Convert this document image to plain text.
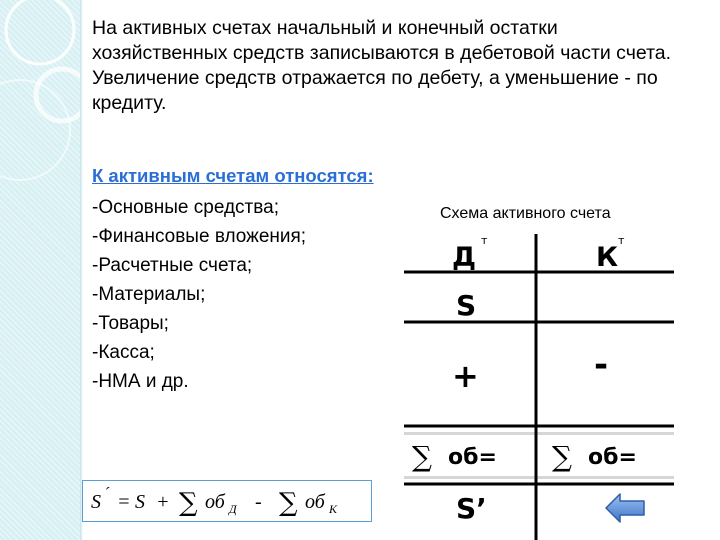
На активных счетах начальный и конечный остатки хозяйственных средств записываются в дебетовой части счета. Увеличение средств отражается по дебету, а уменьшение - по кредиту.

К активным счетам относятся:

-Основные средства;
-Финансовые вложения;
-Расчетные счета;
-Материалы;
-Товары;
-Касса;
-НМА и др.

Схема активного счета

Д
т
К
т
S
+	-
∑ об= ∑ об=
S’
S ´ = S + ∑ об Д - ∑ об К
